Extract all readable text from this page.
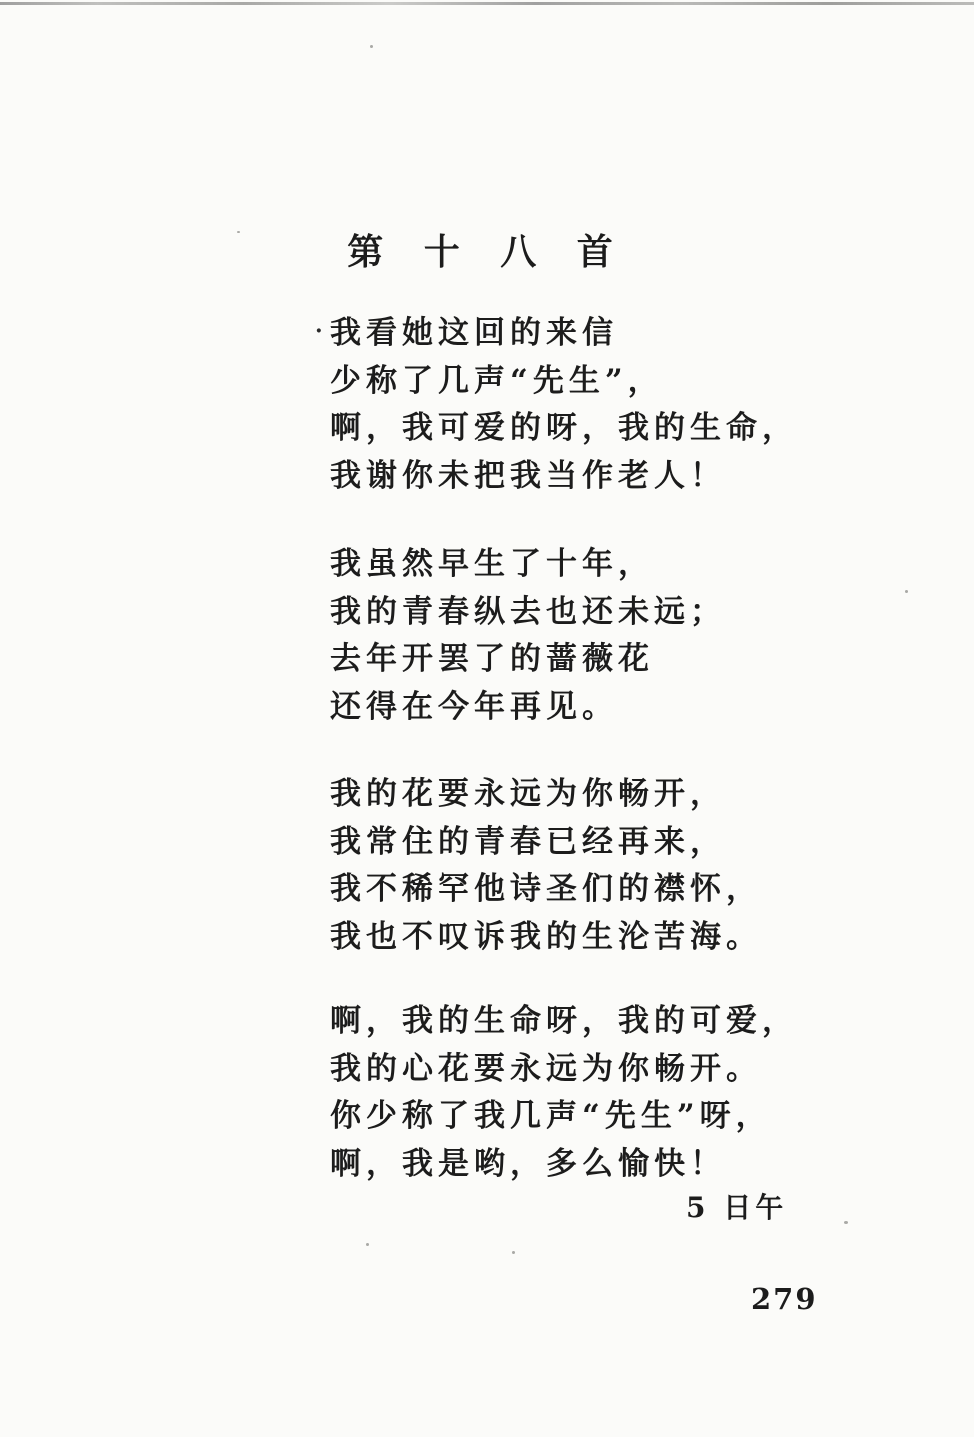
第 十 八 首
· 我看她这回的来信
少称了几声“先生”，
啊，我可爱的呀，我的生命，
我谢你未把我当作老人！
我虽然早生了十年，
我的青春纵去也还未远；
去年开罢了的蔷薇花
还得在今年再见。
我的花要永远为你畅开，
我常住的青春已经再来，
我不稀罕他诗圣们的襟怀，
我也不叹诉我的生沦苦海。
啊，我的生命呀，我的可爱，
我的心花要永远为你畅开。
你少称了我几声“先生”呀，
啊，我是哟，多么愉快！
5 日午
279
